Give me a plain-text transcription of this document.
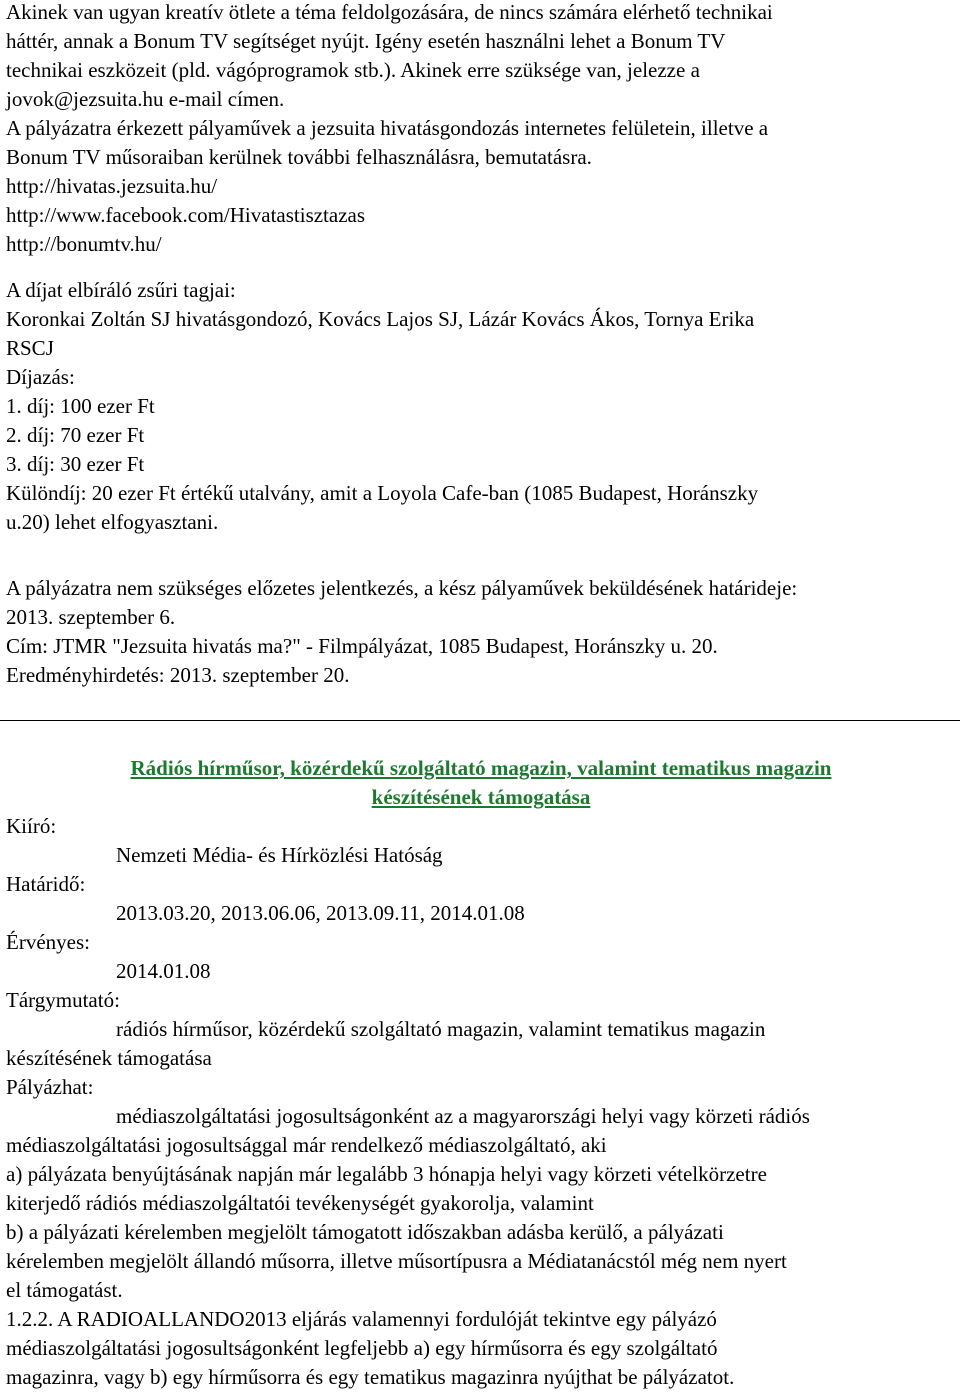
Akinek van ugyan kreatív ötlete a téma feldolgozására, de nincs számára elérhető technikai
háttér, annak a Bonum TV segítséget nyújt. Igény esetén használni lehet a Bonum TV
technikai eszközeit (pld. vágóprogramok stb.). Akinek erre szüksége van, jelezze a
jovok@jezsuita.hu e-mail címen.
A pályázatra érkezett pályaművek a jezsuita hivatásgondozás internetes felületein, illetve a
Bonum TV műsoraiban kerülnek további felhasználásra, bemutatásra.
http://hivatas.jezsuita.hu/
http://www.facebook.com/Hivatastisztazas
http://bonumtv.hu/
A díjat elbíráló zsűri tagjai:
Koronkai Zoltán SJ hivatásgondozó, Kovács Lajos SJ, Lázár Kovács Ákos, Tornya Erika
RSCJ
Díjazás:
1. díj: 100 ezer Ft
2. díj: 70 ezer Ft
3. díj: 30 ezer Ft
Különdíj: 20 ezer Ft értékű utalvány, amit a Loyola Cafe-ban (1085 Budapest, Horánszky
u.20) lehet elfogyasztani.
A pályázatra nem szükséges előzetes jelentkezés, a kész pályaművek beküldésének határideje:
2013. szeptember 6.
Cím: JTMR "Jezsuita hivatás ma?" - Filmpályázat, 1085 Budapest, Horánszky u. 20.
Eredményhirdetés: 2013. szeptember 20.
Rádiós hírműsor, közérdekű szolgáltató magazin, valamint tematikus magazin
készítésének támogatása
Kiíró:
Nemzeti Média- és Hírközlési Hatóság
Határidő:
2013.03.20, 2013.06.06, 2013.09.11, 2014.01.08
Érvényes:
2014.01.08
Tárgymutató:
rádiós hírműsor, közérdekű szolgáltató magazin, valamint tematikus magazin
készítésének támogatása
Pályázhat:
médiaszolgáltatási jogosultságonként az a magyarországi helyi vagy körzeti rádiós
médiaszolgáltatási jogosultsággal már rendelkező médiaszolgáltató, aki
a) pályázata benyújtásának napján már legalább 3 hónapja helyi vagy körzeti vételkörzetre
kiterjedő rádiós médiaszolgáltatói tevékenységét gyakorolja, valamint
b) a pályázati kérelemben megjelölt támogatott időszakban adásba kerülő, a pályázati
kérelemben megjelölt állandó műsorra, illetve műsortípusra a Médiatanácstól még nem nyert
el támogatást.
1.2.2. A RADIOALLANDO2013 eljárás valamennyi fordulóját tekintve egy pályázó
médiaszolgáltatási jogosultságonként legfeljebb a) egy hírműsorra és egy szolgáltató
magazinra, vagy b) egy hírműsorra és egy tematikus magazinra nyújthat be pályázatot.
